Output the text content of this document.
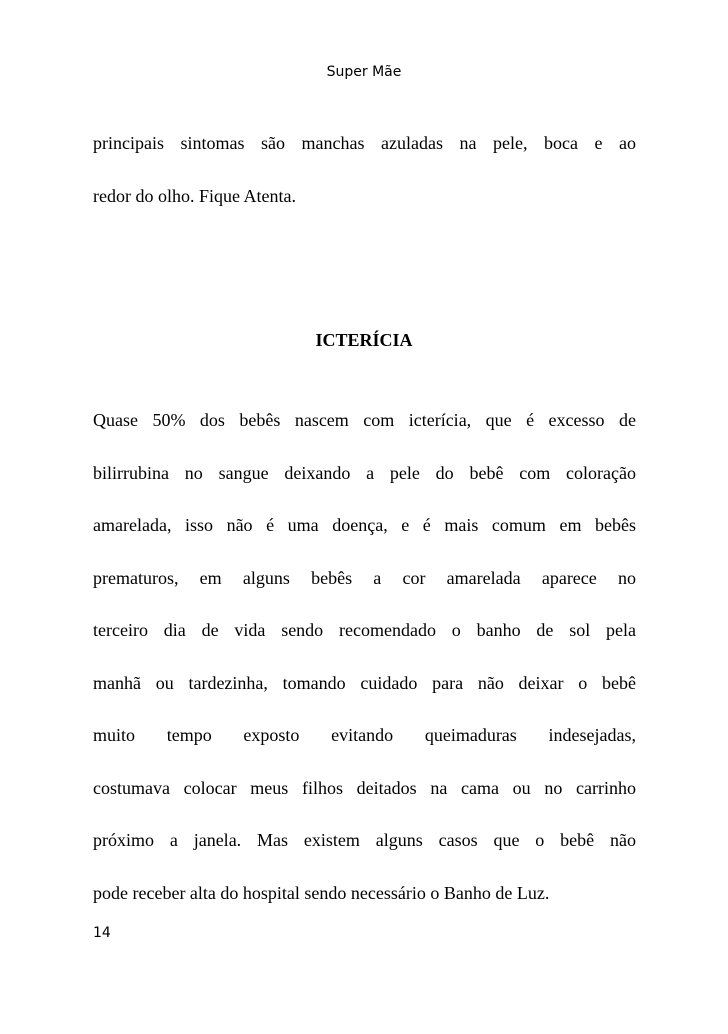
Super Mãe
principais sintomas são manchas azuladas na pele, boca e ao
redor do olho. Fique Atenta.
ICTERÍCIA
Quase 50% dos bebês nascem com icterícia, que é excesso de
bilirrubina no sangue deixando a pele do bebê com coloração
amarelada, isso não é uma doença, e é mais comum em bebês
prematuros, em alguns bebês a cor amarelada aparece no
terceiro dia de vida sendo recomendado o banho de sol pela
manhã ou tardezinha, tomando cuidado para não deixar o bebê
muito tempo exposto evitando queimaduras indesejadas,
costumava colocar meus filhos deitados na cama ou no carrinho
próximo a janela. Mas existem alguns casos que o bebê não
pode receber alta do hospital sendo necessário o Banho de Luz.
14
